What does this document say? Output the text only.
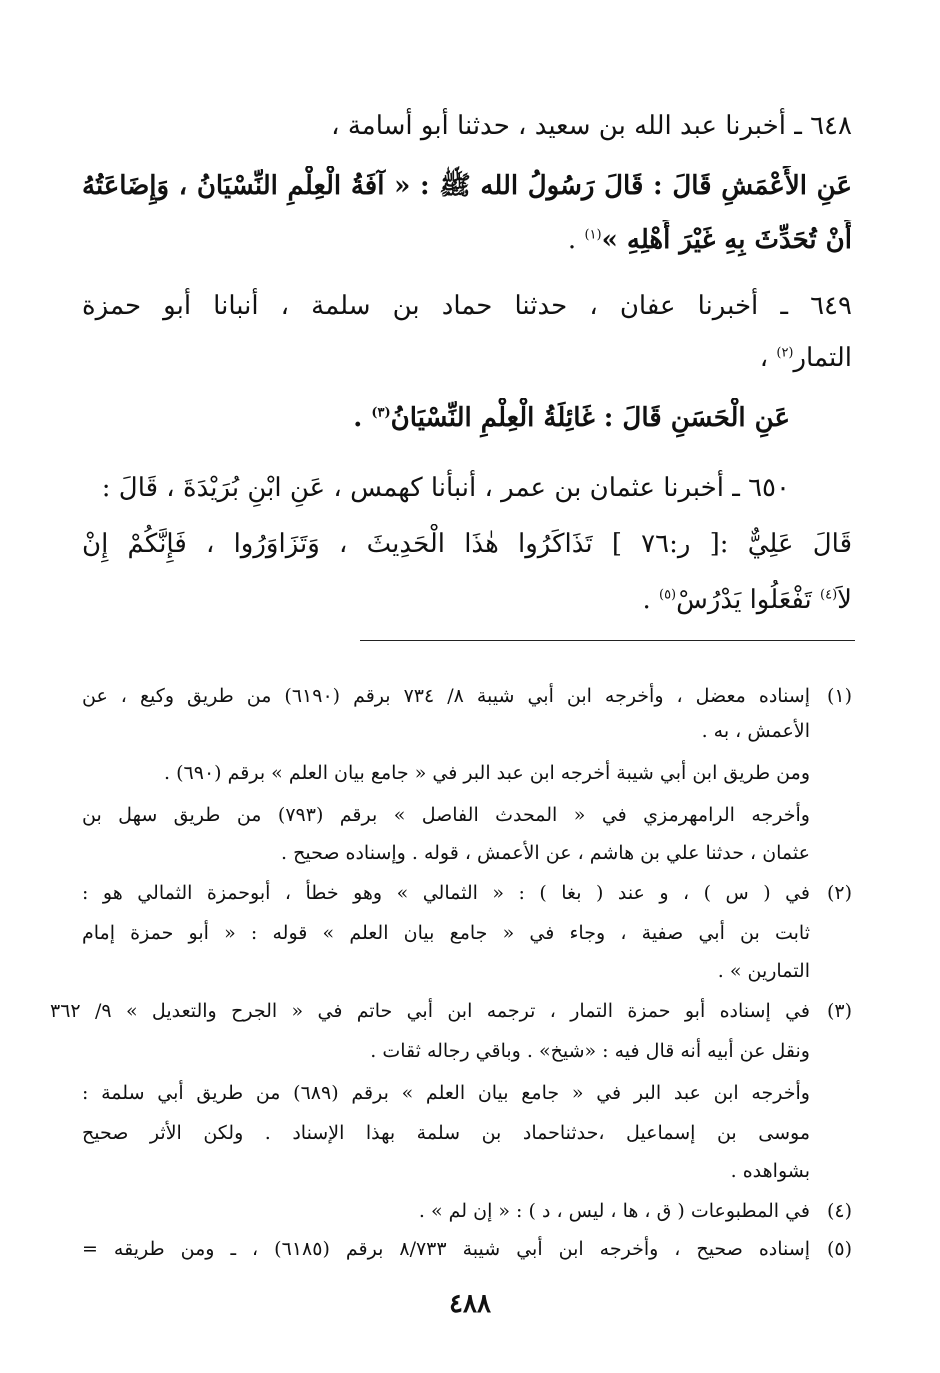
٦٤٨ ـ أخبرنا عبد الله بن سعيد ، حدثنا أبو أسامة ،
عَنِ الأَعْمَشِ قَالَ : قَالَ رَسُولُ الله ﷺ : « آفَةُ الْعِلْمِ النِّسْيَانُ ، وَإِضَاعَتُهُ
أَنْ تُحَدِّثَ بِهِ غَيْرَ أَهْلِهِ »$^{(١)}$ .
٦٤٩ ـ أخبرنا عفان ، حدثنا حماد بن سلمة ، أنبانا أبو حمزة
التمار$^{(٢)}$ ،
عَنِ الْحَسَنِ قَالَ : غَائِلَةُ الْعِلْمِ النِّسْيَانُ$^{(٣)}$ .
٦٥٠ ـ أخبرنا عثمان بن عمر ، أنبأنا كهمس ، عَنِ ابْنِ بُرَيْدَةَ ، قَالَ :
قَالَ عَلِيٌّ :[ ر:٧٦ ] تَذَاكَرُوا هٰذَا الْحَدِيثَ ، وَتَزَاوَرُوا ، فَإِنَّكُمْ إِنْ
لاَ$^{(٤)}$ تَفْعَلُوا يَدْرُسْ$^{(٥)}$ .
(١)
إسناده معضل ، وأخرجه ابن أبي شيبة ٨/ ٧٣٤ برقم (٦١٩٠) من طريق وكيع ، عن
الأعمش ، به .
ومن طريق ابن أبي شيبة أخرجه ابن عبد البر في « جامع بيان العلم » برقم (٦٩٠) .
وأخرجه الرامهرمزي في « المحدث الفاصل » برقم (٧٩٣) من طريق سهل بن
عثمان ، حدثنا علي بن هاشم ، عن الأعمش ، قوله . وإسناده صحيح .
(٢)
في ( س ) ، و عند ( بغا ) : « الثمالي » وهو خطأ ، أبوحمزة الثمالي هو :
ثابت بن أبي صفية ، وجاء في « جامع بيان العلم » قوله : « أبو حمزة إمام
التمارين » .
(٣)
في إسناده أبو حمزة التمار ، ترجمه ابن أبي حاتم في « الجرح والتعديل » ٩/ ٣٦٢
ونقل عن أبيه أنه قال فيه : «شيخ» . وباقي رجاله ثقات .
وأخرجه ابن عبد البر في « جامع بيان العلم » برقم (٦٨٩) من طريق أبي سلمة :
موسى بن إسماعيل ،حدثناحماد بن سلمة بهذا الإسناد . ولكن الأثر صحيح
بشواهده .
(٤)
في المطبوعات ( ق ، ها ، ليس ، د ) : « إن لم » .
(٥)
إسناده صحيح ، وأخرجه ابن أبي شيبة ٨/٧٣٣ برقم (٦١٨٥) ، ـ ومن طريقه =
٤٨٨
